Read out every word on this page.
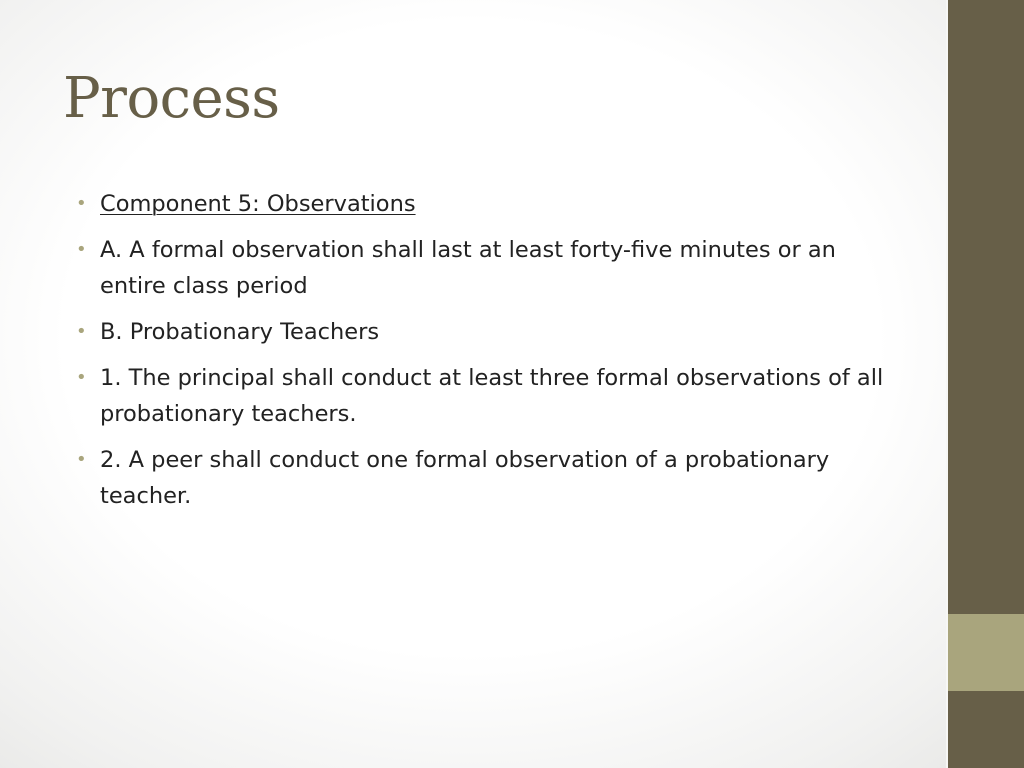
Process
• Component 5: Observations
• A. A formal observation shall last at least forty-five minutes or an entire class period
• B. Probationary Teachers
• 1. The principal shall conduct at least three formal observations of all probationary teachers.
• 2. A peer shall conduct one formal observation of a probationary teacher.
